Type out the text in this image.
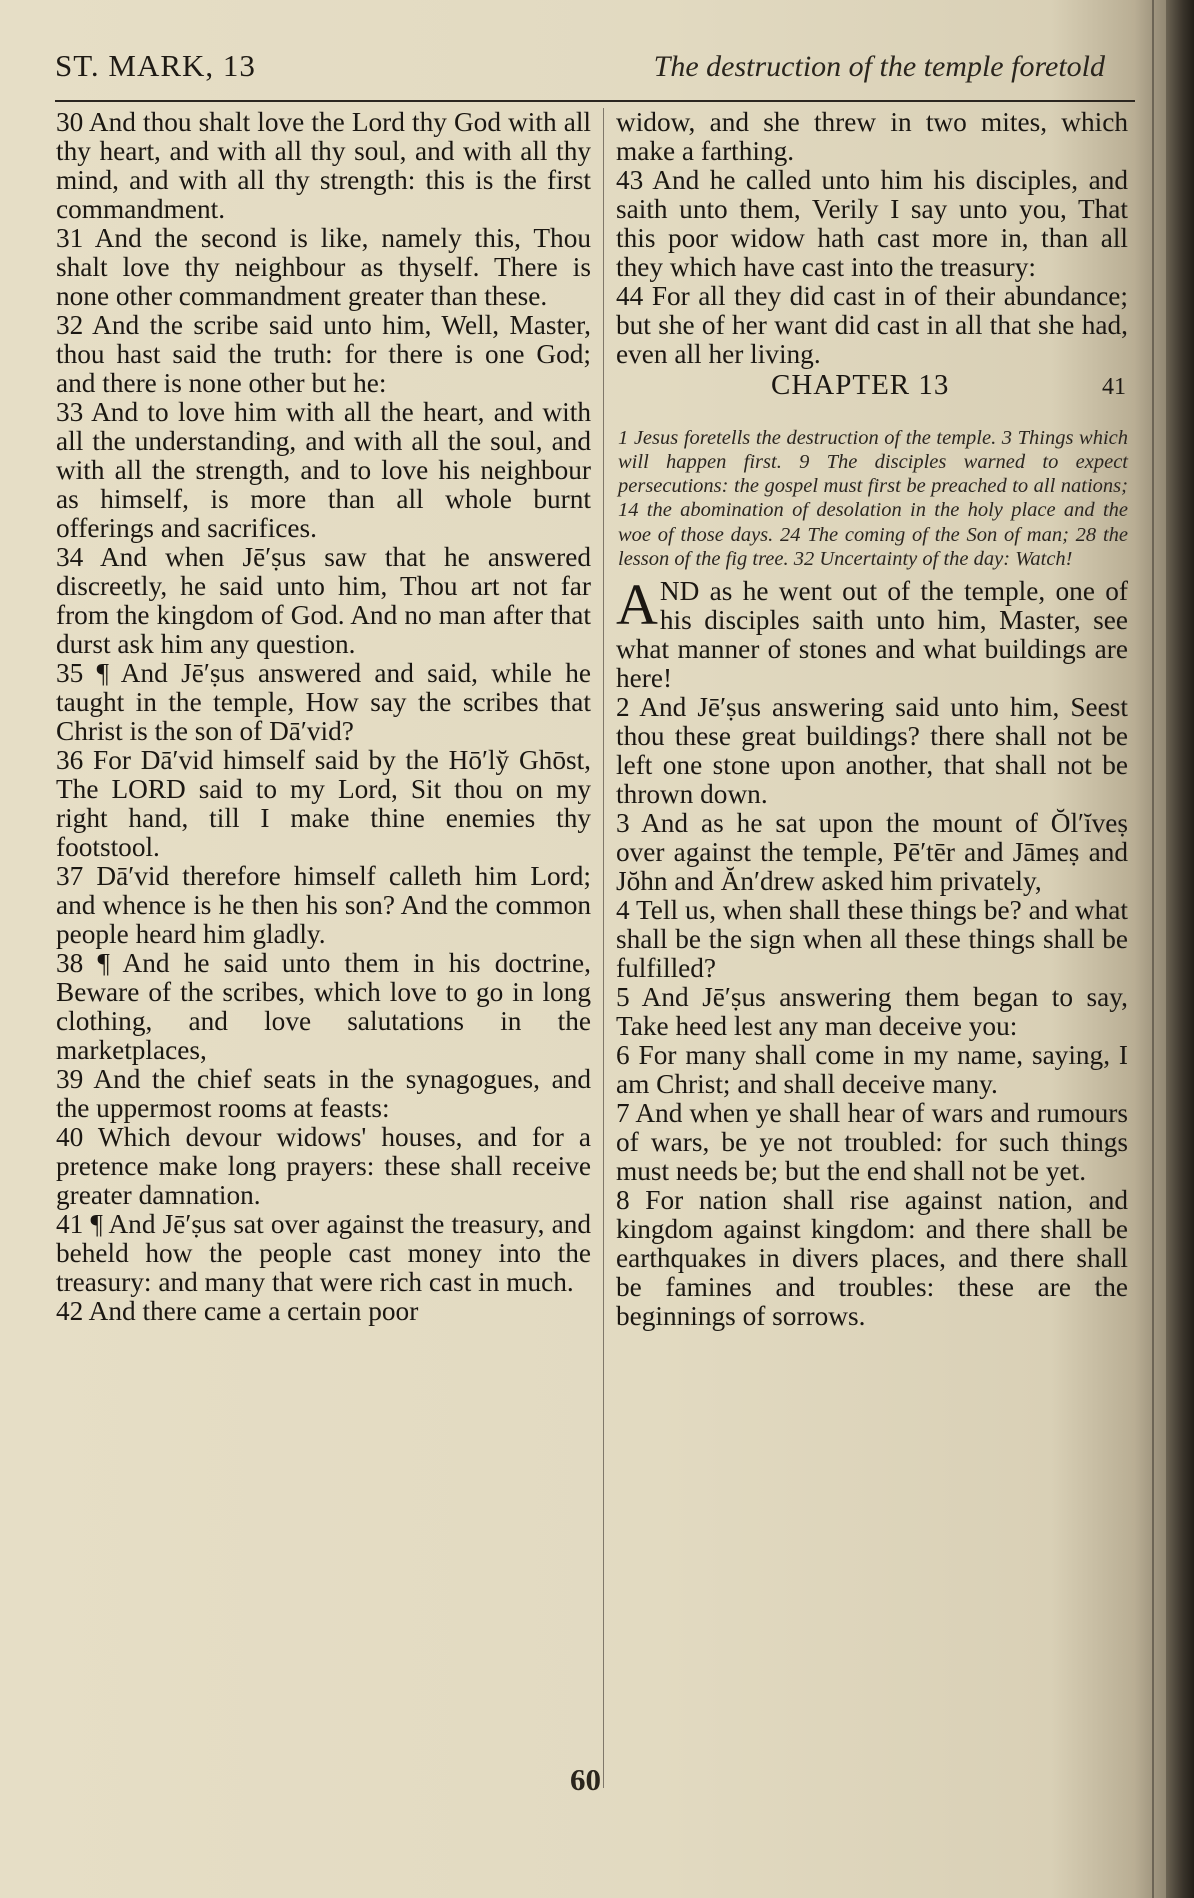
ST. MARK, 13	The destruction of the temple foretold

30 And thou shalt love the Lord thy God with all thy heart, and with all thy soul, and with all thy mind, and with all thy strength: this is the first commandment.

31 And the second is like, namely this, Thou shalt love thy neighbour as thyself. There is none other commandment greater than these.

32 And the scribe said unto him, Well, Master, thou hast said the truth: for there is one God; and there is none other but he:

33 And to love him with all the heart, and with all the understanding, and with all the soul, and with all the strength, and to love his neighbour as himself, is more than all whole burnt offerings and sacrifices.

34 And when Jē′ṣus saw that he answered discreetly, he said unto him, Thou art not far from the kingdom of God. And no man after that durst ask him any question.

35 ¶ And Jē′ṣus answered and said, while he taught in the temple, How say the scribes that Christ is the son of Dā′vid?

36 For Dā′vid himself said by the Hō′ly̆ Ghōst, The LORD said to my Lord, Sit thou on my right hand, till I make thine enemies thy footstool.

37 Dā′vid therefore himself calleth him Lord; and whence is he then his son? And the common people heard him gladly.

38 ¶ And he said unto them in his doctrine, Beware of the scribes, which love to go in long clothing, and love salutations in the marketplaces,

39 And the chief seats in the synagogues, and the uppermost rooms at feasts:

40 Which devour widows' houses, and for a pretence make long prayers: these shall receive greater damnation.

41 ¶ And Jē′ṣus sat over against the treasury, and beheld how the people cast money into the treasury: and many that were rich cast in much.

42 And there came a certain poor

widow, and she threw in two mites, which make a farthing.

43 And he called unto him his disciples, and saith unto them, Verily I say unto you, That this poor widow hath cast more in, than all they which have cast into the treasury:

44 For all they did cast in of their abundance; but she of her want did cast in all that she had, even all her living.

CHAPTER 13	41

1 Jesus foretells the destruction of the temple. 3 Things which will happen first. 9 The disciples warned to expect persecutions: the gospel must first be preached to all nations; 14 the abomination of desolation in the holy place and the woe of those days. 24 The coming of the Son of man; 28 the lesson of the fig tree. 32 Uncertainty of the day: Watch!

AND as he went out of the temple, one of his disciples saith unto him, Master, see what manner of stones and what buildings are here!

2 And Jē′ṣus answering said unto him, Seest thou these great buildings? there shall not be left one stone upon another, that shall not be thrown down.

3 And as he sat upon the mount of Ŏl′ĭveṣ over against the temple, Pē′tēr and Jāmeṣ and Jŏhn and Ăn′drew asked him privately,

4 Tell us, when shall these things be? and what shall be the sign when all these things shall be fulfilled?

5 And Jē′ṣus answering them began to say, Take heed lest any man deceive you:

6 For many shall come in my name, saying, I am Christ; and shall deceive many.

7 And when ye shall hear of wars and rumours of wars, be ye not troubled: for such things must needs be; but the end shall not be yet.

8 For nation shall rise against nation, and kingdom against kingdom: and there shall be earthquakes in divers places, and there shall be famines and troubles: these are the beginnings of sorrows.

60
